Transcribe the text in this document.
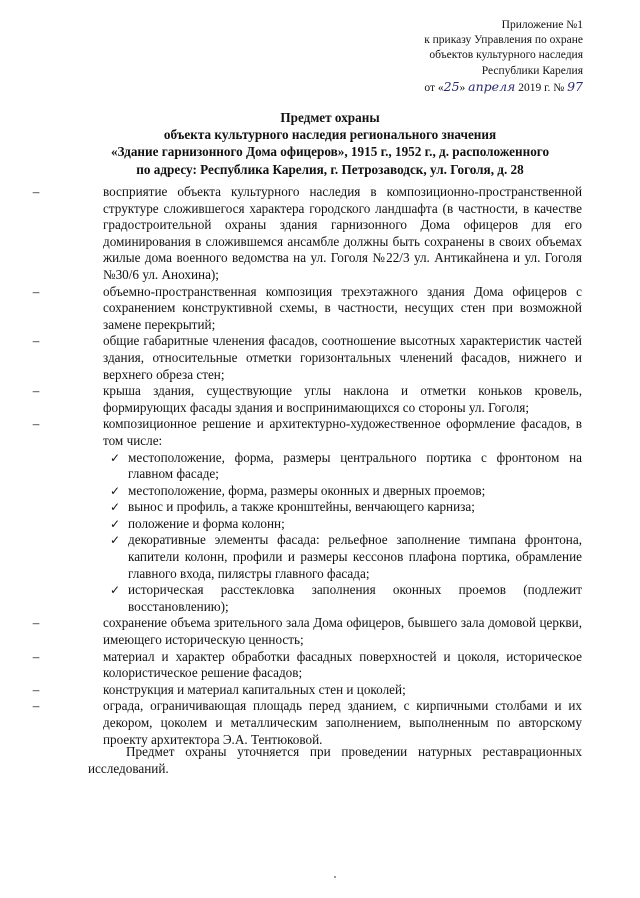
Приложение №1
к приказу Управления по охране
объектов культурного наследия
Республики Карелия
от «25» апреля 2019 г. № 97
Предмет охраны
объекта культурного наследия регионального значения
«Здание гарнизонного Дома офицеров», 1915 г., 1952 г., д. расположенного
по адресу: Республика Карелия, г. Петрозаводск, ул. Гоголя, д. 28
–	восприятие объекта культурного наследия в композиционно-пространственной структуре сложившегося характера городского ландшафта (в частности, в качестве градостроительной охраны здания гарнизонного Дома офицеров для его доминирования в сложившемся ансамбле должны быть сохранены в своих объемах жилые дома военного ведомства на ул. Гоголя №22/3 ул. Антикайнена и ул. Гоголя №30/6 ул. Анохина);
–	объемно-пространственная композиция трехэтажного здания Дома офицеров с сохранением конструктивной схемы, в частности, несущих стен при возможной замене перекрытий;
–	общие габаритные членения фасадов, соотношение высотных характеристик частей здания, относительные отметки горизонтальных членений фасадов, нижнего и верхнего обреза стен;
–	крыша здания, существующие углы наклона и отметки коньков кровель, формирующих фасады здания и воспринимающихся со стороны ул. Гоголя;
–	композиционное решение и архитектурно-художественное оформление фасадов, в том числе:
✓ местоположение, форма, размеры центрального портика с фронтоном на главном фасаде;
✓ местоположение, форма, размеры оконных и дверных проемов;
✓ вынос и профиль, а также кронштейны, венчающего карниза;
✓ положение и форма колонн;
✓ декоративные элементы фасада: рельефное заполнение тимпана фронтона, капители колонн, профили и размеры кессонов плафона портика, обрамление главного входа, пилястры главного фасада;
✓ историческая расстекловка заполнения оконных проемов (подлежит восстановлению);
–	сохранение объема зрительного зала Дома офицеров, бывшего зала домовой церкви, имеющего историческую ценность;
–	материал и характер обработки фасадных поверхностей и цоколя, историческое колористическое решение фасадов;
–	конструкция и материал капитальных стен и цоколей;
–	ограда, ограничивающая площадь перед зданием, с кирпичными столбами и их декором, цоколем и металлическим заполнением, выполненным по авторскому проекту архитектора Э.А. Тентюковой.
Предмет охраны уточняется при проведении натурных реставрационных исследований.
